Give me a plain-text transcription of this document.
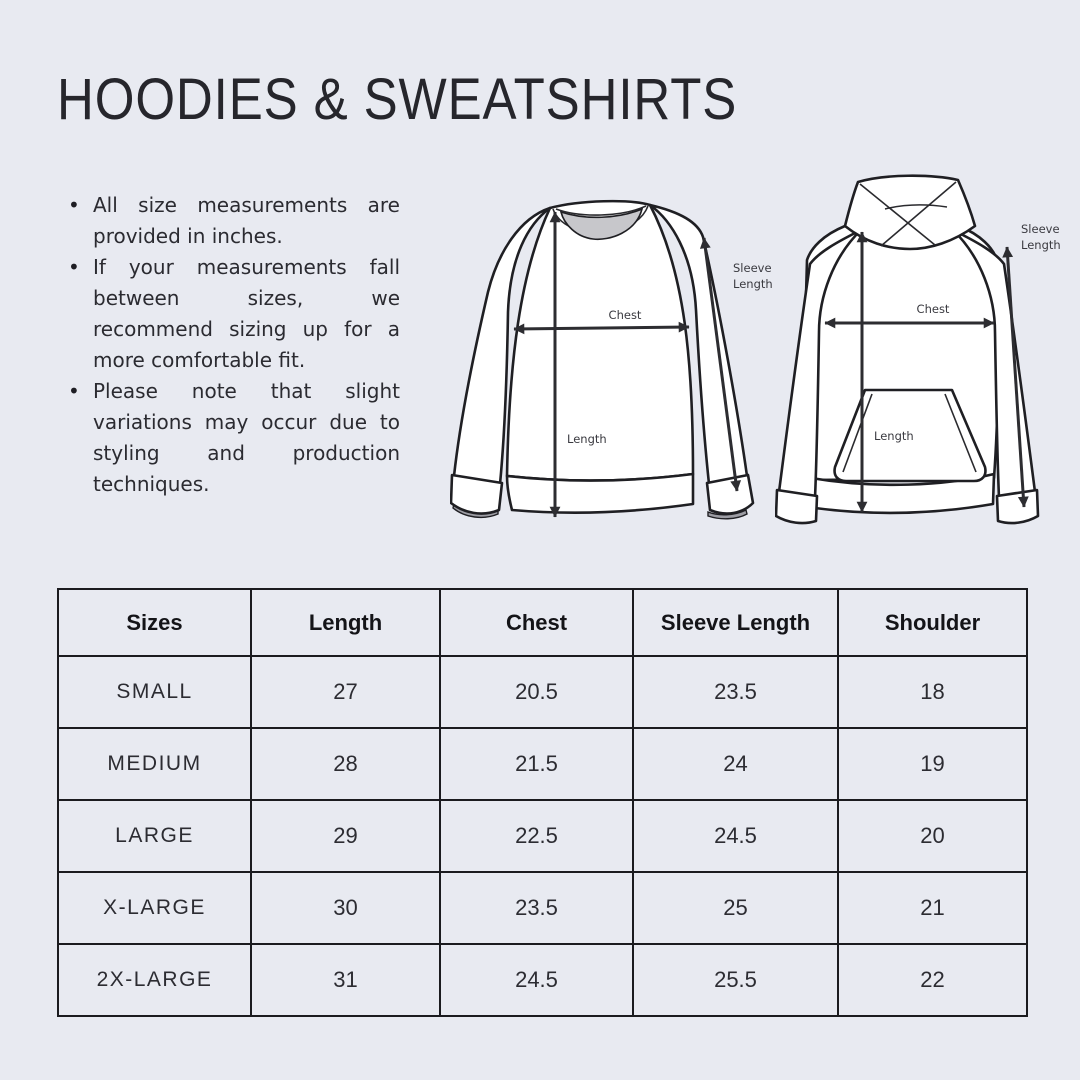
HOODIES & SWEATSHIRTS
• All size measurements are provided in inches.
• If your measurements fall between sizes, we recommend sizing up for a more comfortable fit.
• Please note that slight variations may occur due to styling and production techniques.
Chest
Length
Sleeve
Length
Chest
Length
Sleeve
Length
Sizes	Length	Chest	Sleeve Length	Shoulder
SMALL	27	20.5	23.5	18
MEDIUM	28	21.5	24	19
LARGE	29	22.5	24.5	20
X-LARGE	30	23.5	25	21
2X-LARGE	31	24.5	25.5	22
